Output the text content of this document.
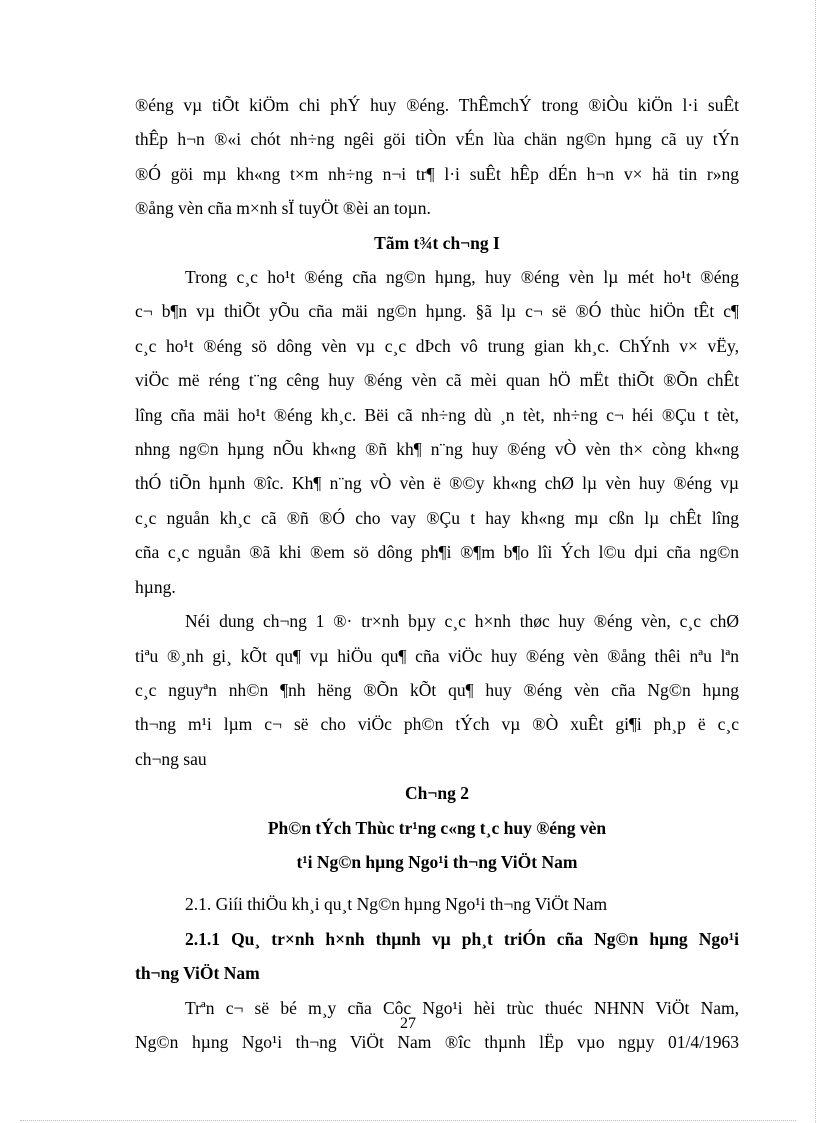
®éng vµ tiÕt kiÖm chi phÝ huy ®éng. ThÊmchÝ trong ®iÒu kiÖn l·i suÊt
thÊp h¬n ®«i chót nh÷ng ngêi göi tiÒn vÉn lùa chän ng©n hµng cã uy tÝn
®Ó göi mµ kh«ng t×m nh÷ng n¬i tr¶ l·i suÊt hÊp dÉn h¬n v× hä tin r»ng
®ång vèn cña m×nh sÏ tuyÖt ®èi an toµn.

Tãm t¾t ch¬ng I

Trong c¸c ho¹t ®éng cña ng©n hµng, huy ®éng vèn lµ mét ho¹t ®éng
c¬ b¶n vµ thiÕt yÕu cña mäi ng©n hµng. §ã lµ c¬ së ®Ó thùc hiÖn tÊt c¶
c¸c ho¹t ®éng sö dông vèn vµ c¸c dÞch vô trung gian kh¸c. ChÝnh v× vËy,
viÖc më réng t¨ng cêng huy ®éng vèn cã mèi quan hÖ mËt thiÕt ®Õn chÊt
lîng cña mäi ho¹t ®éng kh¸c. Bëi cã nh÷ng dù ¸n tèt, nh÷ng c¬ héi ®Çu t tèt,
nhng ng©n hµng nÕu kh«ng ®ñ kh¶ n¨ng huy ®éng vÒ vèn th× còng kh«ng
thÓ tiÕn hµnh ®îc. Kh¶ n¨ng vÒ vèn ë ®©y kh«ng chØ lµ vèn huy ®éng vµ
c¸c nguån kh¸c cã ®ñ ®Ó cho vay ®Çu t hay kh«ng mµ cßn lµ chÊt lîng
cña c¸c nguån ®ã khi ®em sö dông ph¶i ®¶m b¶o lîi Ých l©u dµi cña ng©n
hµng.

Néi dung ch¬ng 1 ®· tr×nh bµy c¸c h×nh thøc huy ®éng vèn, c¸c chØ
tiªu ®¸nh gi¸ kÕt qu¶ vµ hiÖu qu¶ cña viÖc huy ®éng vèn ®ång thêi nªu lªn
c¸c nguyªn nh©n ¶nh hëng ®Õn kÕt qu¶ huy ®éng vèn cña Ng©n hµng
th¬ng m¹i lµm c¬ së cho viÖc ph©n tÝch vµ ®Ò xuÊt gi¶i ph¸p ë c¸c
ch¬ng sau

Ch¬ng 2

Ph©n tÝch Thùc tr¹ng c«ng t¸c huy ®éng vèn

t¹i Ng©n hµng Ngo¹i th¬ng ViÖt Nam

2.1. Giíi thiÖu kh¸i qu¸t Ng©n hµng Ngo¹i th¬ng ViÖt Nam

2.1.1 Qu¸ tr×nh h×nh thµnh vµ ph¸t triÓn cña Ng©n hµng Ngo¹i
th¬ng ViÖt Nam

Trªn c¬ së bé m¸y cña Côc Ngo¹i hèi trùc thuéc NHNN ViÖt Nam,
Ng©n hµng Ngo¹i th¬ng ViÖt Nam ®îc thµnh lËp vµo ngµy 01/4/1963

27
